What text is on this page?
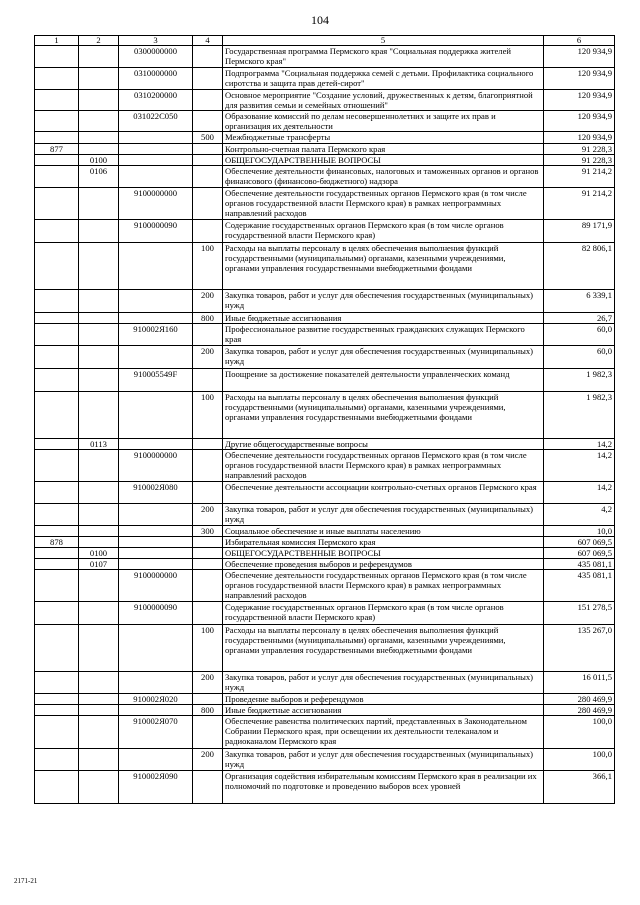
104
1	2	3	4	5	6
		0300000000		Государственная программа Пермского края "Социальная поддержка жителей Пермского края"	120 934,9
		0310000000		Подпрограмма "Социальная поддержка семей с детьми. Профилактика социального сиротства и защита прав детей-сирот"	120 934,9
		0310200000		Основное мероприятие "Создание условий, дружественных к детям, благоприятной для развития семьи и семейных отношений"	120 934,9
		031022С050		Образование комиссий по делам несовершеннолетних и защите их прав и организация их деятельности	120 934,9
			500	Межбюджетные трансферты	120 934,9
877				Контрольно-счетная палата Пермского края	91 228,3
	0100			ОБЩЕГОСУДАРСТВЕННЫЕ ВОПРОСЫ	91 228,3
	0106			Обеспечение деятельности финансовых, налоговых и таможенных органов и органов финансового (финансово-бюджетного) надзора	91 214,2
		9100000000		Обеспечение деятельности государственных органов Пермского края (в том числе органов государственной власти Пермского края) в рамках непрограммных направлений расходов	91 214,2
		9100000090		Содержание государственных органов Пермского края (в том числе органов государственной власти Пермского края)	89 171,9
			100	Расходы на выплаты персоналу в целях обеспечения выполнения функций государственными (муниципальными) органами, казенными учреждениями, органами управления государственными внебюджетными фондами	82 806,1
			200	Закупка товаров, работ и услуг для обеспечения государственных (муниципальных) нужд	6 339,1
			800	Иные бюджетные ассигнования	26,7
		910002Я160		Профессиональное развитие государственных гражданских служащих Пермского края	60,0
			200	Закупка товаров, работ и услуг для обеспечения государственных (муниципальных) нужд	60,0
		910005549F		Поощрение за достижение показателей деятельности управленческих команд	1 982,3
			100	Расходы на выплаты персоналу в целях обеспечения выполнения функций государственными (муниципальными) органами, казенными учреждениями, органами управления государственными внебюджетными фондами	1 982,3
	0113			Другие общегосударственные вопросы	14,2
		9100000000		Обеспечение деятельности государственных органов Пермского края (в том числе органов государственной власти Пермского края) в рамках непрограммных направлений расходов	14,2
		910002Я080		Обеспечение деятельности ассоциации контрольно-счетных органов Пермского края	14,2
			200	Закупка товаров, работ и услуг для обеспечения государственных (муниципальных) нужд	4,2
			300	Социальное обеспечение и иные выплаты населению	10,0
878				Избирательная комиссия Пермского края	607 069,5
	0100			ОБЩЕГОСУДАРСТВЕННЫЕ ВОПРОСЫ	607 069,5
	0107			Обеспечение проведения выборов и референдумов	435 081,1
		9100000000		Обеспечение деятельности государственных органов Пермского края (в том числе органов государственной власти Пермского края) в рамках непрограммных направлений расходов	435 081,1
		9100000090		Содержание государственных органов Пермского края (в том числе органов государственной власти Пермского края)	151 278,5
			100	Расходы на выплаты персоналу в целях обеспечения выполнения функций государственными (муниципальными) органами, казенными учреждениями, органами управления государственными внебюджетными фондами	135 267,0
			200	Закупка товаров, работ и услуг для обеспечения государственных (муниципальных) нужд	16 011,5
		910002Я020		Проведение выборов и референдумов	280 469,9
			800	Иные бюджетные ассигнования	280 469,9
		910002Я070		Обеспечение равенства политических партий, представленных в Законодательном Собрании Пермского края, при освещении их деятельности телеканалом и радиоканалом Пермского края	100,0
			200	Закупка товаров, работ и услуг для обеспечения государственных (муниципальных) нужд	100,0
		910002Я090		Организация содействия избирательным комиссиям Пермского края в реализации их полномочий по подготовке и проведению выборов всех уровней	366,1
2171-21
